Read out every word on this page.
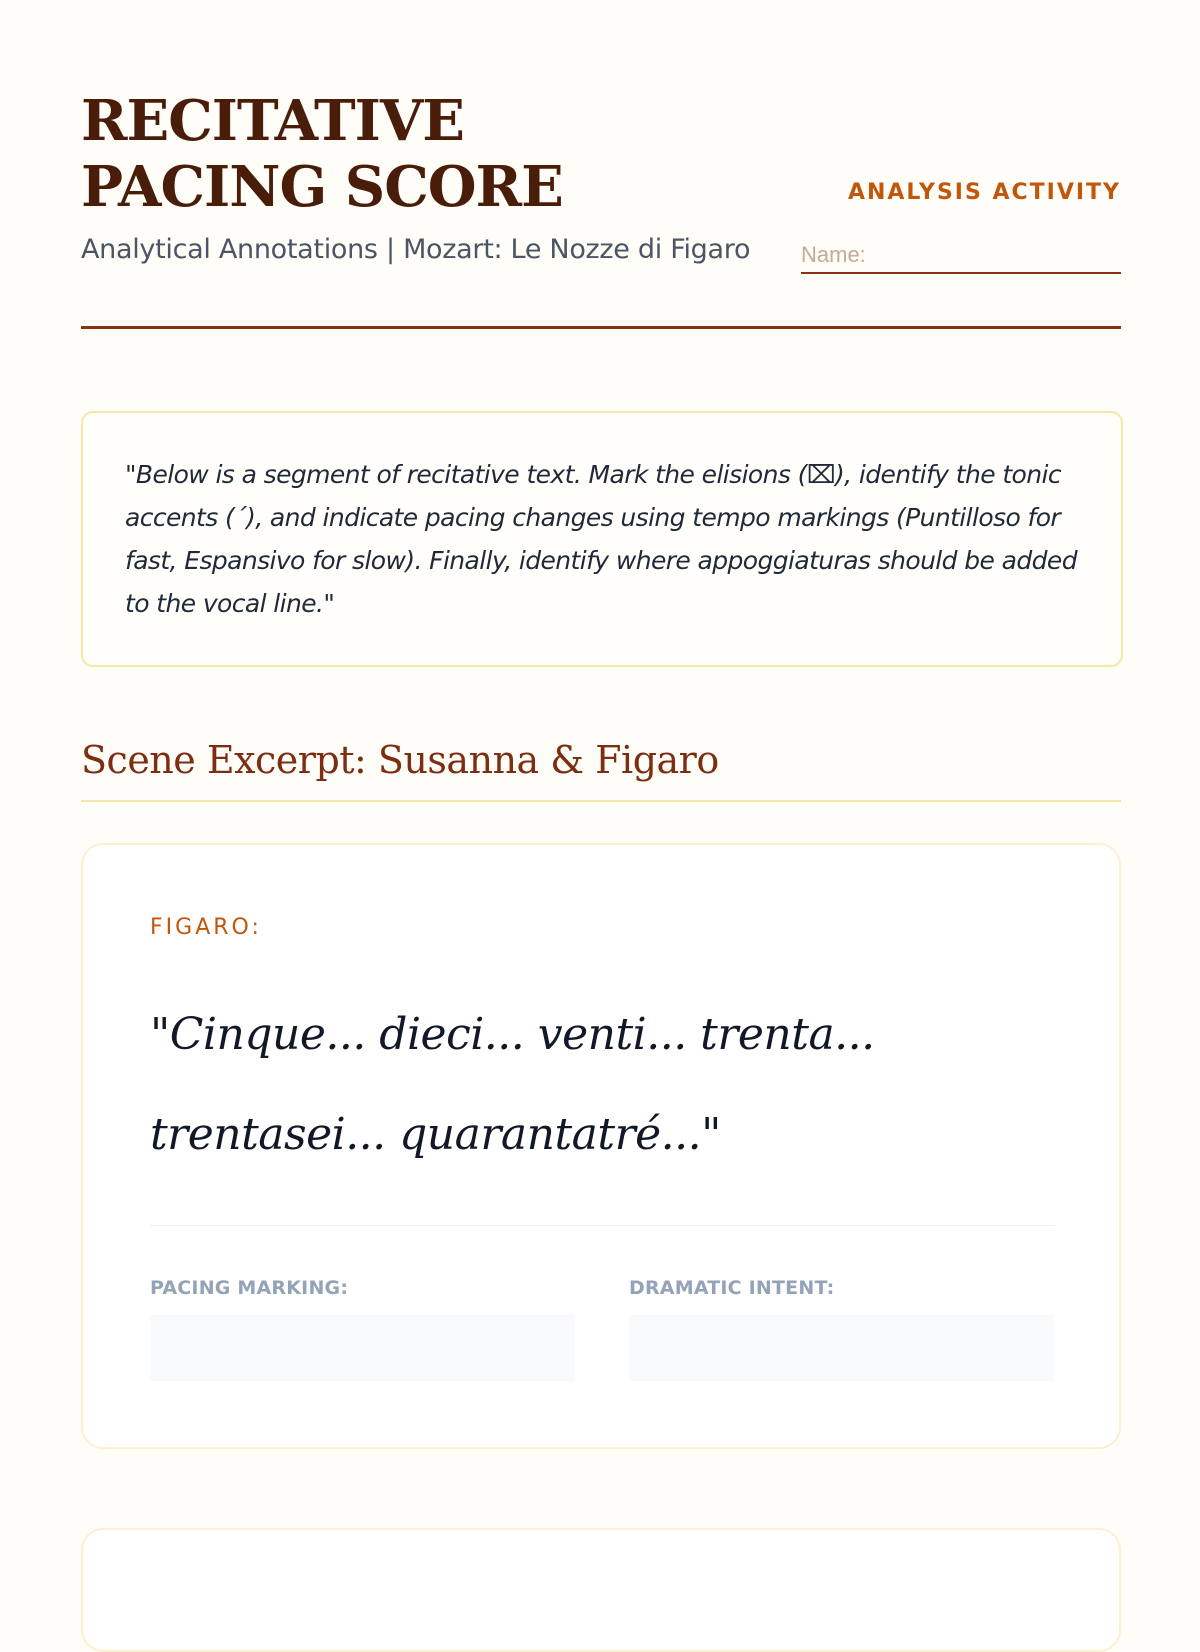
RECITATIVE PACING SCORE	ANALYSIS ACTIVITY
Analytical Annotations | Mozart: Le Nozze di Figaro
Name:

"Below is a segment of recitative text. Mark the elisions (⌧), identify the tonic accents (´), and indicate pacing changes using tempo markings (Puntilloso for fast, Espansivo for slow). Finally, identify where appoggiaturas should be added to the vocal line."

Scene Excerpt: Susanna & Figaro
FIGARO:

"Cinque... dieci... venti... trenta... trentasei... quarantatré..."

PACING MARKING:	DRAMATIC INTENT:
